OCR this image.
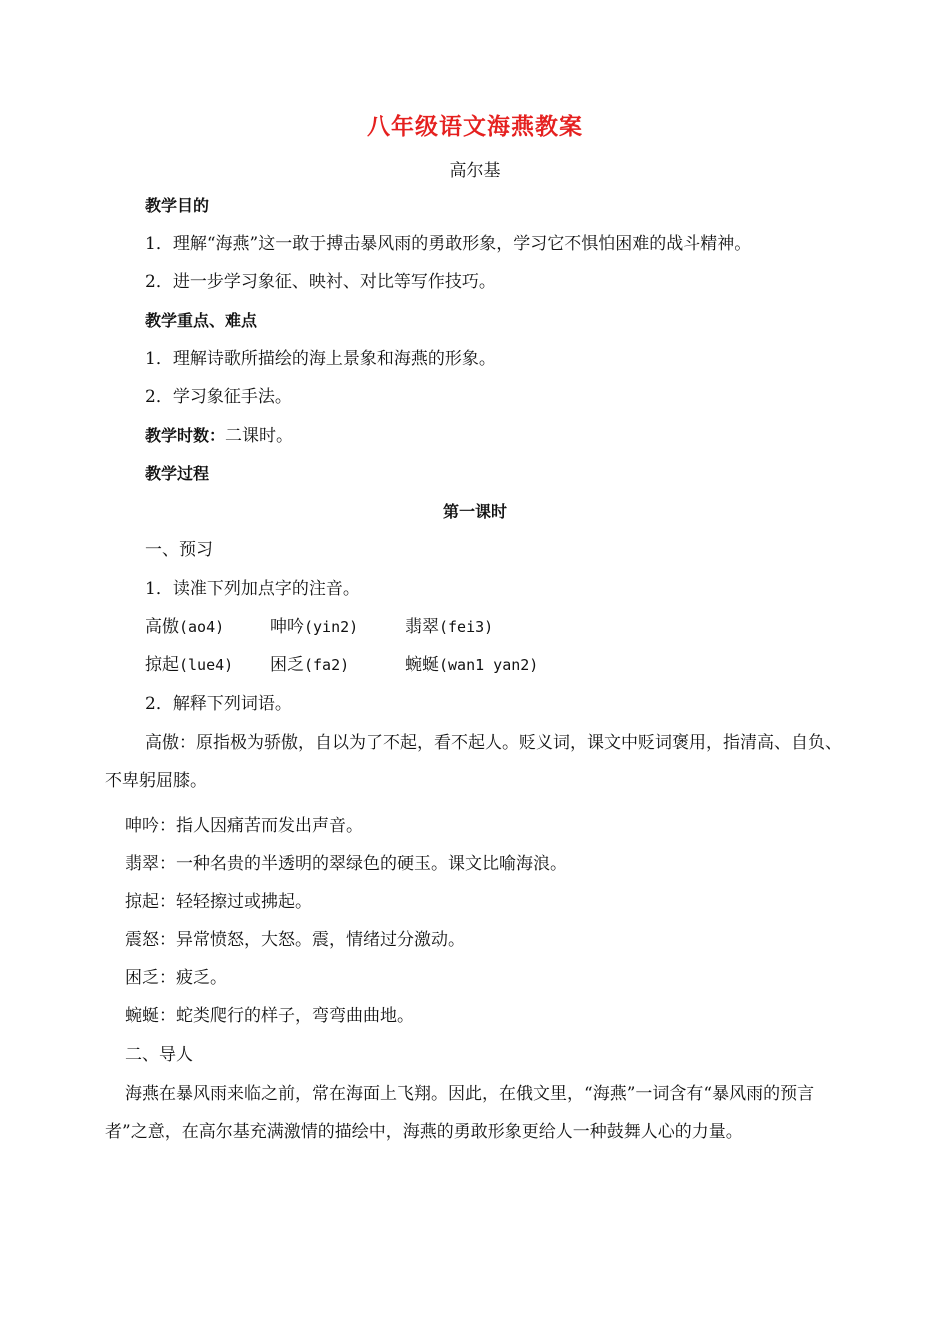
八年级语文海燕教案
高尔基
教学目的
1．理解“海燕”这一敢于搏击暴风雨的勇敢形象，学习它不惧怕困难的战斗精神。
2．进一步学习象征、映衬、对比等写作技巧。
教学重点、难点
1．理解诗歌所描绘的海上景象和海燕的形象。
2．学习象征手法。
教学时数：二课时。
教学过程
第一课时
一、预习
1．读准下列加点字的注音。
高傲(ao4)	呻吟(yin2)	翡翠(fei3)
掠起(lue4) 困乏(fa2)	蜿蜒(wan1 yan2)
2．解释下列词语。
高傲：原指极为骄傲，自以为了不起，看不起人。贬义词，课文中贬词褒用，指清高、自负、不卑躬屈膝。
呻吟：指人因痛苦而发出声音。
翡翠：一种名贵的半透明的翠绿色的硬玉。课文比喻海浪。
掠起：轻轻擦过或拂起。
震怒：异常愤怒，大怒。震，情绪过分激动。
困乏：疲乏。
蜿蜒：蛇类爬行的样子，弯弯曲曲地。
二、导人
海燕在暴风雨来临之前，常在海面上飞翔。因此，在俄文里，“海燕”一词含有“暴风雨的预言者”之意，在高尔基充满激情的描绘中，海燕的勇敢形象更给人一种鼓舞人心的力量。
